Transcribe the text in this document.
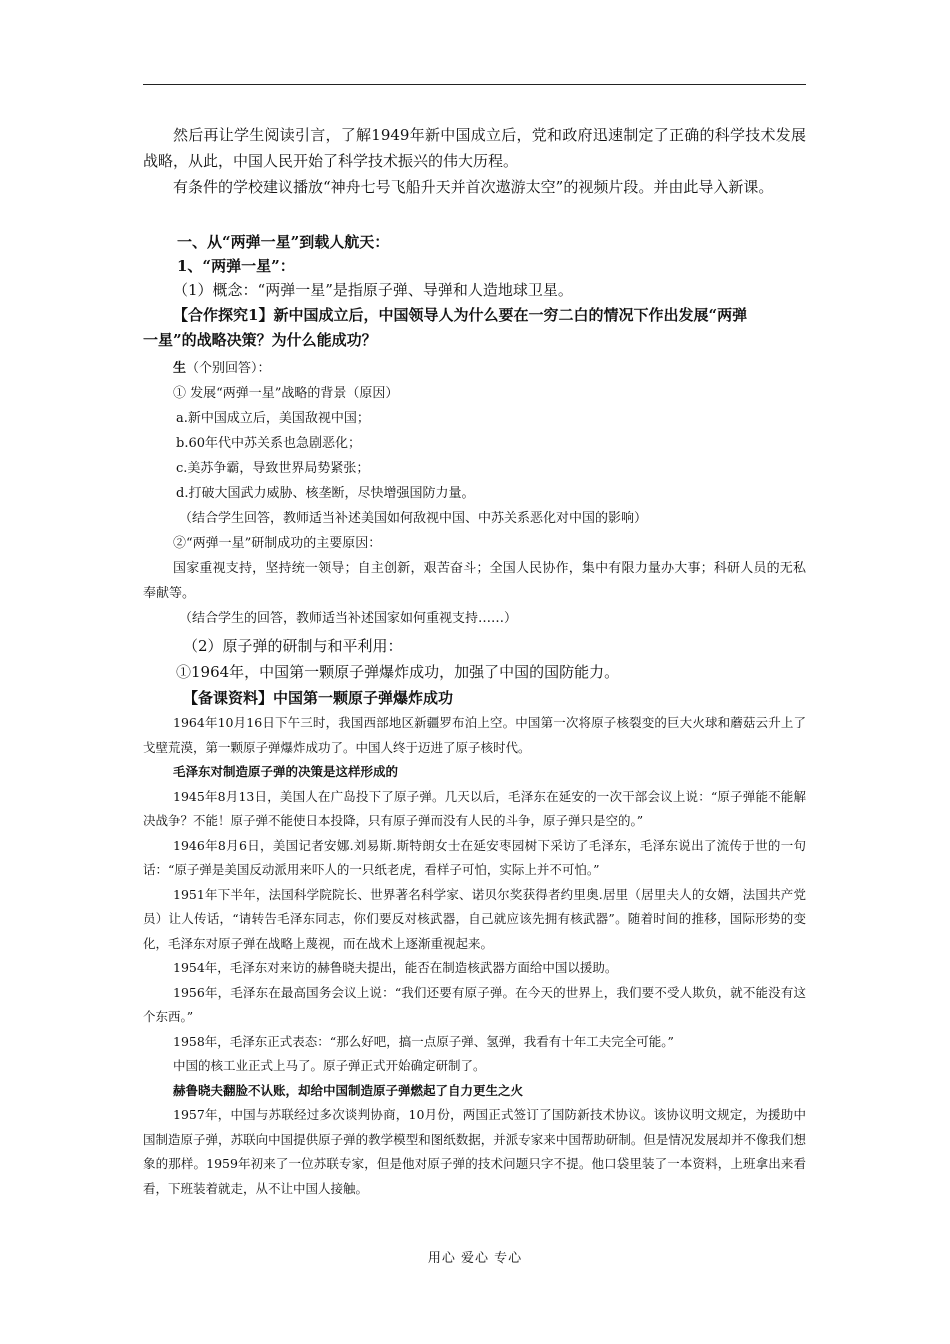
然后再让学生阅读引言，了解1949年新中国成立后，党和政府迅速制定了正确的科学技术发展战略，从此，中国人民开始了科学技术振兴的伟大历程。

有条件的学校建议播放“神舟七号飞船升天并首次遨游太空”的视频片段。并由此导入新课。

一、从“两弹一星”到载人航天：

1、“两弹一星”：

（1）概念：“两弹一星”是指原子弹、导弹和人造地球卫星。

【合作探究1】新中国成立后，中国领导人为什么要在一穷二白的情况下作出发展“两弹

一星”的战略决策？为什么能成功？

生（个别回答）：

① 发展“两弹一星”战略的背景（原因）

a.新中国成立后，美国敌视中国；

b.60年代中苏关系也急剧恶化；

c.美苏争霸，导致世界局势紧张；

d.打破大国武力威胁、核垄断，尽快增强国防力量。

（结合学生回答，教师适当补述美国如何敌视中国、中苏关系恶化对中国的影响）

②“两弹一星”研制成功的主要原因：

国家重视支持，坚持统一领导；自主创新，艰苦奋斗；全国人民协作，集中有限力量办大事；科研人员的无私奉献等。

（结合学生的回答，教师适当补述国家如何重视支持……）

（2）原子弹的研制与和平利用：

①1964年，中国第一颗原子弹爆炸成功，加强了中国的国防能力。

【备课资料】中国第一颗原子弹爆炸成功

1964年10月16日下午三时，我国西部地区新疆罗布泊上空。中国第一次将原子核裂变的巨大火球和蘑菇云升上了戈壁荒漠，第一颗原子弹爆炸成功了。中国人终于迈进了原子核时代。

毛泽东对制造原子弹的决策是这样形成的

1945年8月13日，美国人在广岛投下了原子弹。几天以后，毛泽东在延安的一次干部会议上说：“原子弹能不能解决战争？不能！原子弹不能使日本投降，只有原子弹而没有人民的斗争，原子弹只是空的。”

1946年8月6日，美国记者安娜.刘易斯.斯特朗女士在延安枣园树下采访了毛泽东，毛泽东说出了流传于世的一句话：“原子弹是美国反动派用来吓人的一只纸老虎，看样子可怕，实际上并不可怕。”

1951年下半年，法国科学院院长、世界著名科学家、诺贝尔奖获得者约里奥.居里（居里夫人的女婿，法国共产党员）让人传话，“请转告毛泽东同志，你们要反对核武器，自己就应该先拥有核武器”。随着时间的推移，国际形势的变化，毛泽东对原子弹在战略上蔑视，而在战术上逐渐重视起来。

1954年，毛泽东对来访的赫鲁晓夫提出，能否在制造核武器方面给中国以援助。

1956年，毛泽东在最高国务会议上说：“我们还要有原子弹。在今天的世界上，我们要不受人欺负，就不能没有这个东西。”

1958年，毛泽东正式表态：“那么好吧，搞一点原子弹、氢弹，我看有十年工夫完全可能。”

中国的核工业正式上马了。原子弹正式开始确定研制了。

赫鲁晓夫翻脸不认账，却给中国制造原子弹燃起了自力更生之火

1957年，中国与苏联经过多次谈判协商，10月份，两国正式签订了国防新技术协议。该协议明文规定，为援助中国制造原子弹，苏联向中国提供原子弹的教学模型和图纸数据，并派专家来中国帮助研制。但是情况发展却并不像我们想象的那样。1959年初来了一位苏联专家，但是他对原子弹的技术问题只字不提。他口袋里装了一本资料，上班拿出来看看，下班装着就走，从不让中国人接触。

用心 爱心 专心
